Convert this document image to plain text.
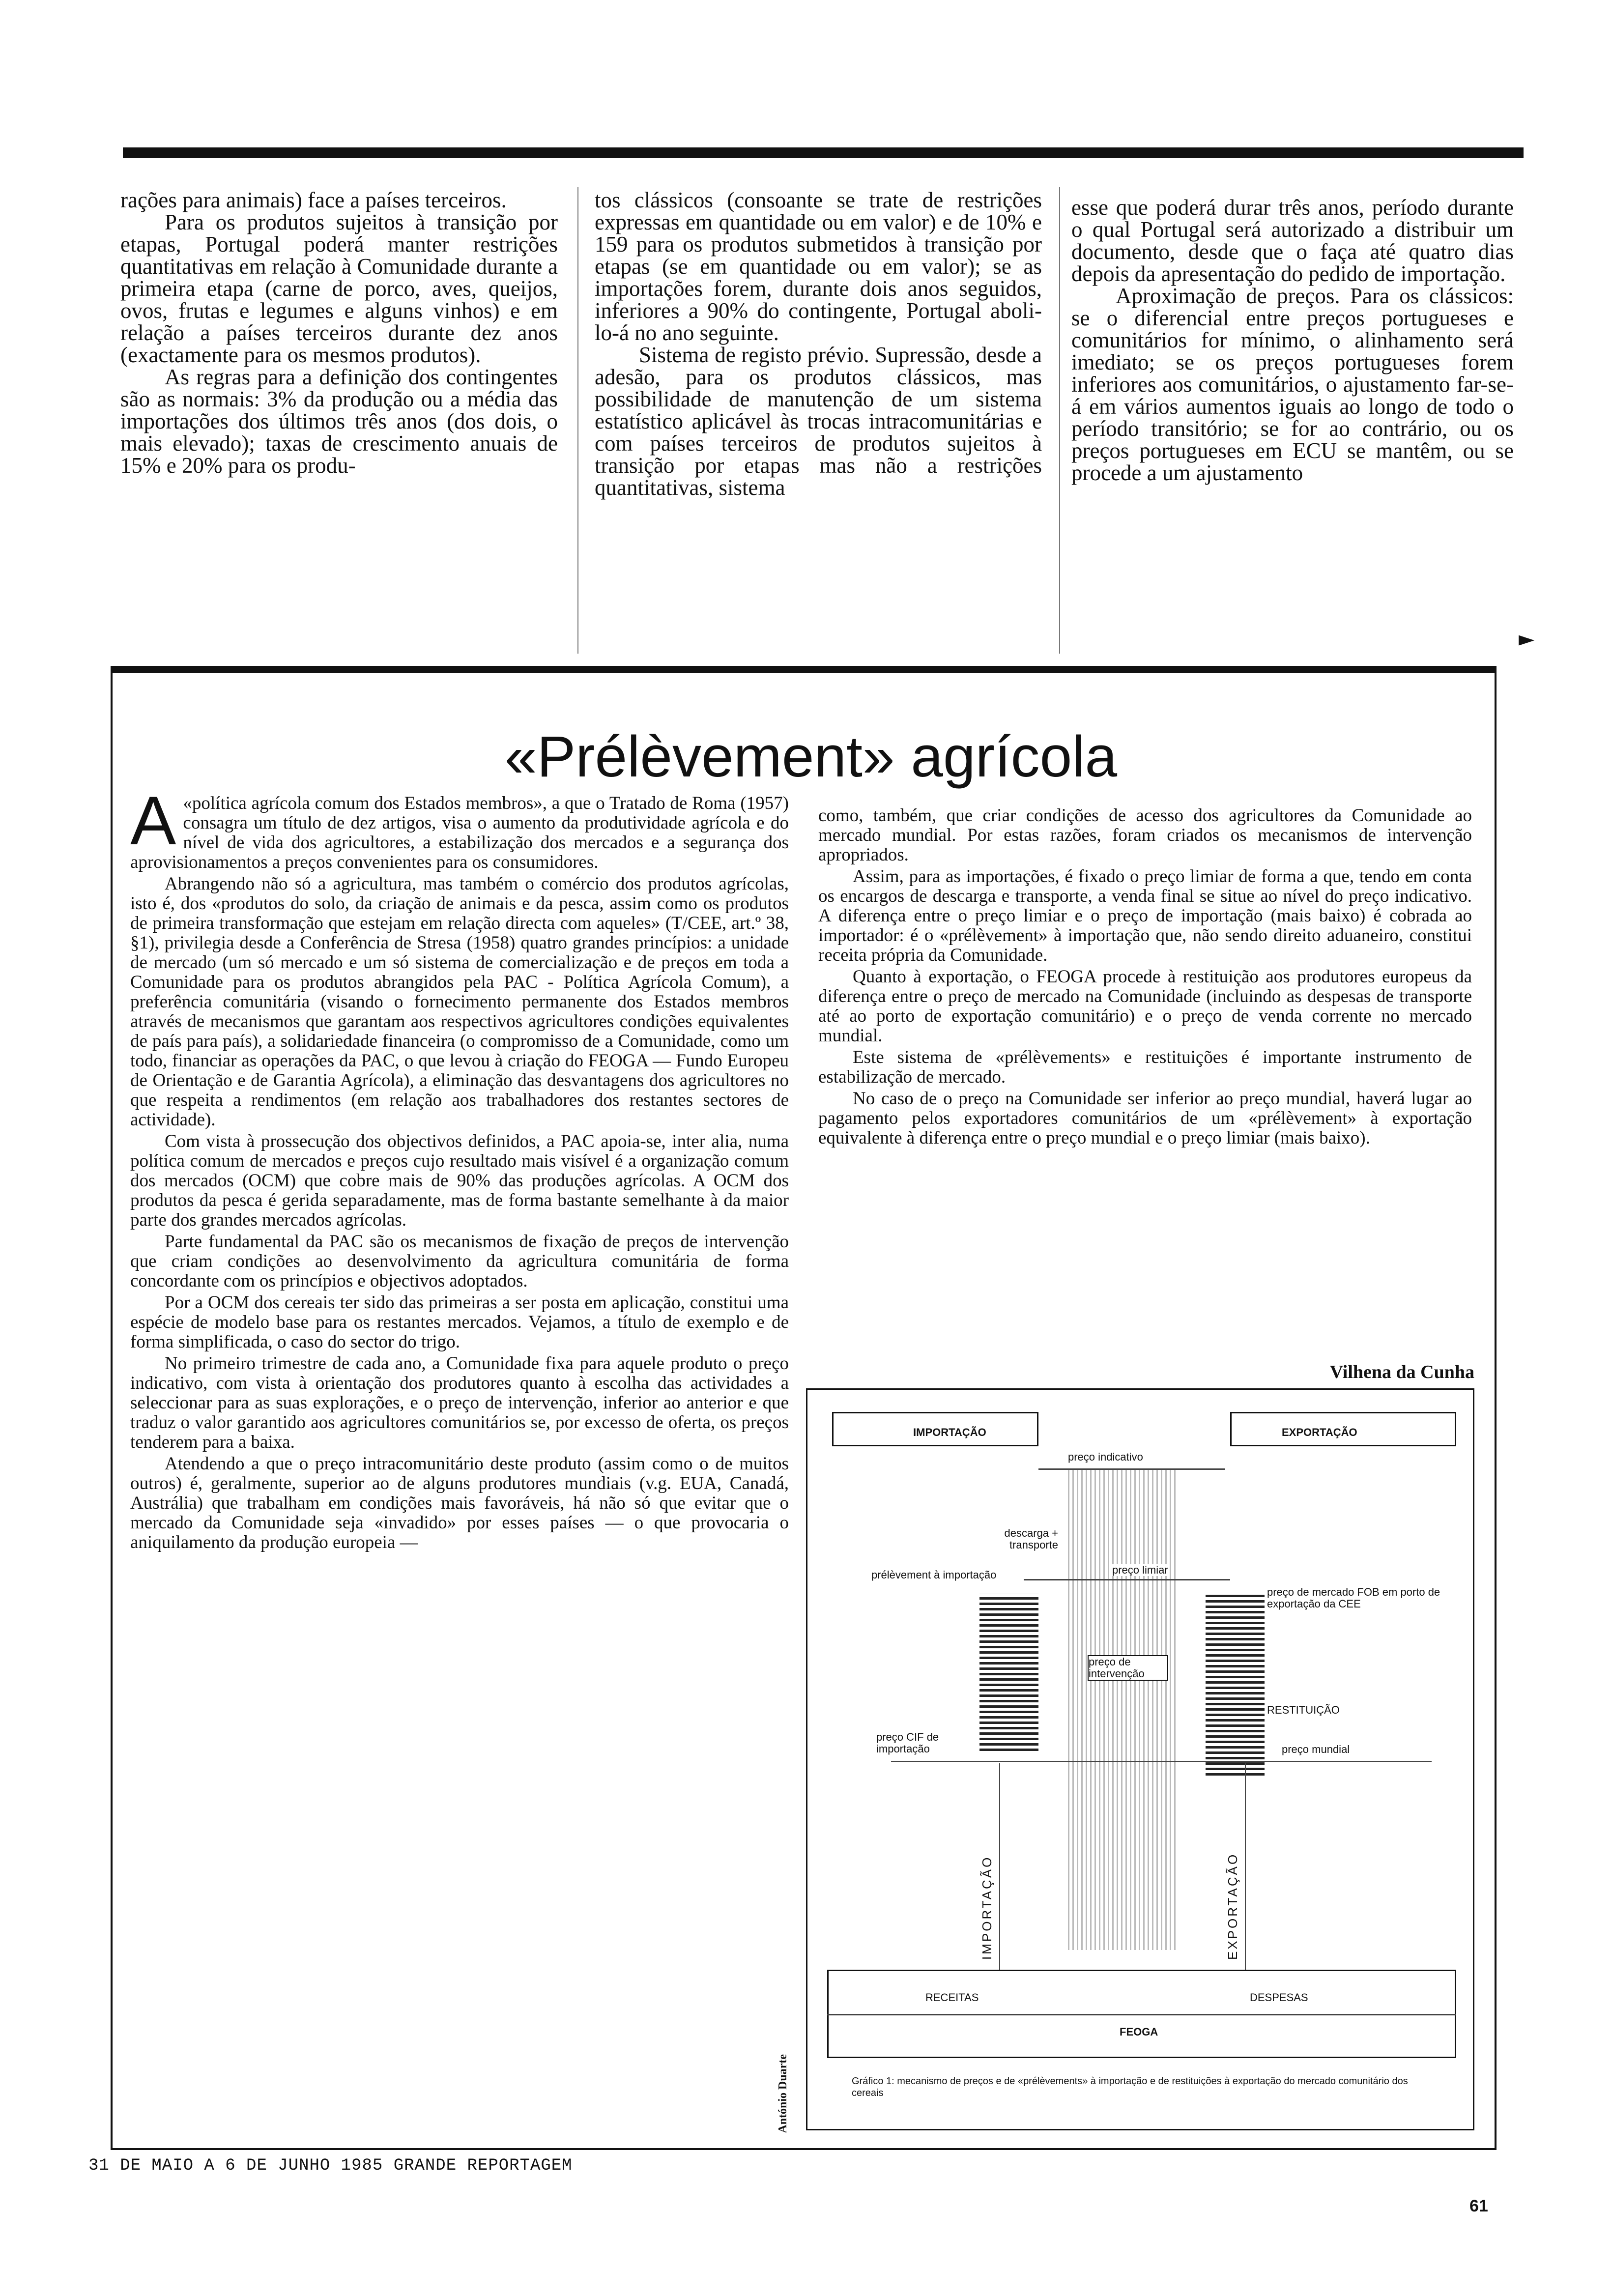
rações para animais) face a países terceiros.

Para os produtos sujeitos à transição por etapas, Portugal poderá manter restrições quantitativas em relação à Comunidade durante a primeira etapa (carne de porco, aves, queijos, ovos, frutas e legumes e alguns vinhos) e em relação a países terceiros durante dez anos (exactamente para os mesmos produtos).

As regras para a definição dos contingentes são as normais: 3% da produção ou a média das importações dos últimos três anos (dos dois, o mais elevado); taxas de crescimento anuais de 15% e 20% para os produ-

tos clássicos (consoante se trate de restrições expressas em quantidade ou em valor) e de 10% e 159 para os produtos submetidos à transição por etapas (se em quantidade ou em valor); se as importações forem, durante dois anos seguidos, inferiores a 90% do contingente, Portugal aboli-lo-á no ano seguinte.

Sistema de registo prévio. Supressão, desde a adesão, para os produtos clássicos, mas possibilidade de manutenção de um sistema estatístico aplicável às trocas intracomunitárias e com países terceiros de produtos sujeitos à transição por etapas mas não a restrições quantitativas, sistema

esse que poderá durar três anos, período durante o qual Portugal será autorizado a distribuir um documento, desde que o faça até quatro dias depois da apresentação do pedido de importação.

Aproximação de preços. Para os clássicos: se o diferencial entre preços portugueses e comunitários for mínimo, o alinhamento será imediato; se os preços portugueses forem inferiores aos comunitários, o ajustamento far-se-á em vários aumentos iguais ao longo de todo o período transitório; se for ao contrário, ou os preços portugueses em ECU se mantêm, ou se procede a um ajustamento

►
«Prélèvement» agrícola

A «política agrícola comum dos Estados membros», a que o Tratado de Roma (1957) consagra um título de dez artigos, visa o aumento da produtividade agrícola e do nível de vida dos agricultores, a estabilização dos mercados e a segurança dos aprovisionamentos a preços convenientes para os consumidores.

Abrangendo não só a agricultura, mas também o comércio dos produtos agrícolas, isto é, dos «produtos do solo, da criação de animais e da pesca, assim como os produtos de primeira transformação que estejam em relação directa com aqueles» (T/CEE, art.º 38, §1), privilegia desde a Conferência de Stresa (1958) quatro grandes princípios: a unidade de mercado (um só mercado e um só sistema de comercialização e de preços em toda a Comunidade para os produtos abrangidos pela PAC - Política Agrícola Comum), a preferência comunitária (visando o fornecimento permanente dos Estados membros através de mecanismos que garantam aos respectivos agricultores condições equivalentes de país para país), a solidariedade financeira (o compromisso de a Comunidade, como um todo, financiar as operações da PAC, o que levou à criação do FEOGA — Fundo Europeu de Orientação e de Garantia Agrícola), a eliminação das desvantagens dos agricultores no que respeita a rendimentos (em relação aos trabalhadores dos restantes sectores de actividade).

Com vista à prossecução dos objectivos definidos, a PAC apoia-se, inter alia, numa política comum de mercados e preços cujo resultado mais visível é a organização comum dos mercados (OCM) que cobre mais de 90% das produções agrícolas. A OCM dos produtos da pesca é gerida separadamente, mas de forma bastante semelhante à da maior parte dos grandes mercados agrícolas.

Parte fundamental da PAC são os mecanismos de fixação de preços de intervenção que criam condições ao desenvolvimento da agricultura comunitária de forma concordante com os princípios e objectivos adoptados.

Por a OCM dos cereais ter sido das primeiras a ser posta em aplicação, constitui uma espécie de modelo base para os restantes mercados. Vejamos, a título de exemplo e de forma simplificada, o caso do sector do trigo.

No primeiro trimestre de cada ano, a Comunidade fixa para aquele produto o preço indicativo, com vista à orientação dos produtores quanto à escolha das actividades a seleccionar para as suas explorações, e o preço de intervenção, inferior ao anterior e que traduz o valor garantido aos agricultores comunitários se, por excesso de oferta, os preços tenderem para a baixa.

Atendendo a que o preço intracomunitário deste produto (assim como o de muitos outros) é, geralmente, superior ao de alguns produtores mundiais (v.g. EUA, Canadá, Austrália) que trabalham em condições mais favoráveis, há não só que evitar que o mercado da Comunidade seja «invadido» por esses países — o que provocaria o aniquilamento da produção europeia —

como, também, que criar condições de acesso dos agricultores da Comunidade ao mercado mundial. Por estas razões, foram criados os mecanismos de intervenção apropriados.

Assim, para as importações, é fixado o preço limiar de forma a que, tendo em conta os encargos de descarga e transporte, a venda final se situe ao nível do preço indicativo. A diferença entre o preço limiar e o preço de importação (mais baixo) é cobrada ao importador: é o «prélèvement» à importação que, não sendo direito aduaneiro, constitui receita própria da Comunidade.

Quanto à exportação, o FEOGA procede à restituição aos produtores europeus da diferença entre o preço de mercado na Comunidade (incluindo as despesas de transporte até ao porto de exportação comunitário) e o preço de venda corrente no mercado mundial.

Este sistema de «prélèvements» e restituições é importante instrumento de estabilização de mercado.

No caso de o preço na Comunidade ser inferior ao preço mundial, haverá lugar ao pagamento pelos exportadores comunitários de um «prélèvement» à exportação equivalente à diferença entre o preço mundial e o preço limiar (mais baixo).

Vilhena da Cunha
IMPORTAÇÃO	EXPORTAÇÃO
preço indicativo
descarga + transporte
prélèvement à importação	preço limiar
preço de mercado FOB em porto de exportação da CEE
preço de intervenção
RESTITUIÇÃO
preço CIF de importação	preço mundial
IMPORTAÇÃO	EXPORTAÇÃO
RECEITAS	DESPESAS
FEOGA
Gráfico 1: mecanismo de preços e de «prélèvements» à importação e de restituições à exportação do mercado comunitário dos cereais
António Duarte
31 DE MAIO A 6 DE JUNHO 1985 GRANDE REPORTAGEM
61
